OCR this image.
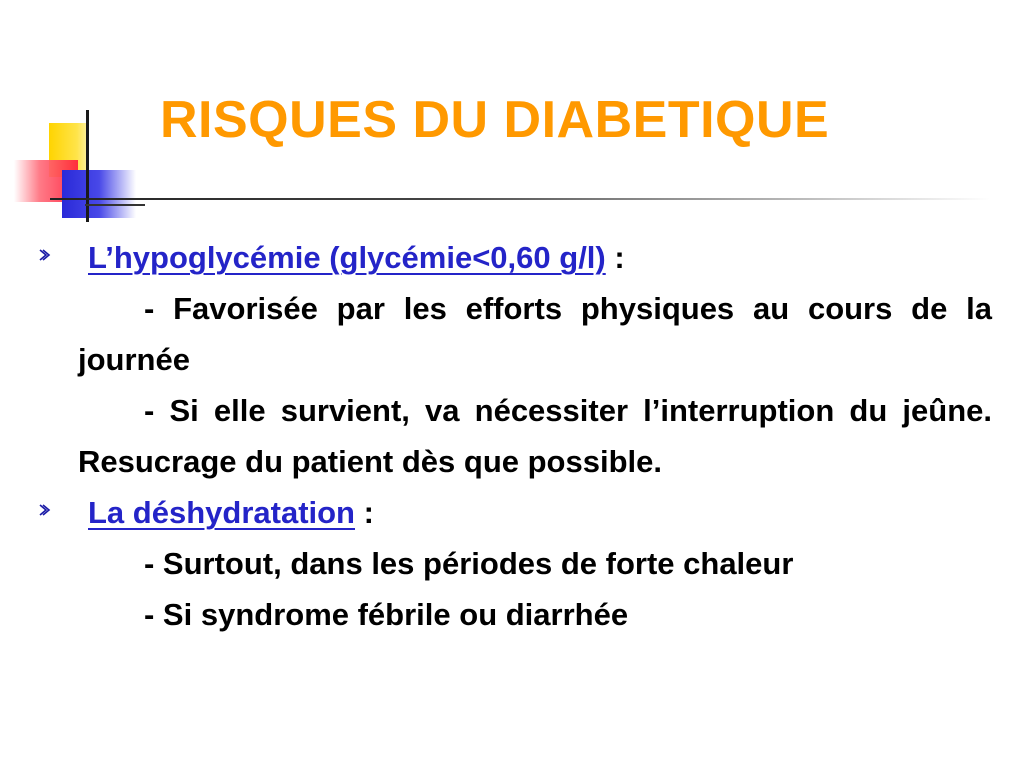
RISQUES DU DIABETIQUE
L’hypoglycémie (glycémie<0,60 g/l) :
- Favorisée par les efforts physiques au cours de la journée
- Si elle survient, va nécessiter l’interruption du jeûne. Resucrage du patient dès que possible.
La déshydratation :
- Surtout, dans les périodes de forte chaleur
- Si syndrome fébrile ou diarrhée
